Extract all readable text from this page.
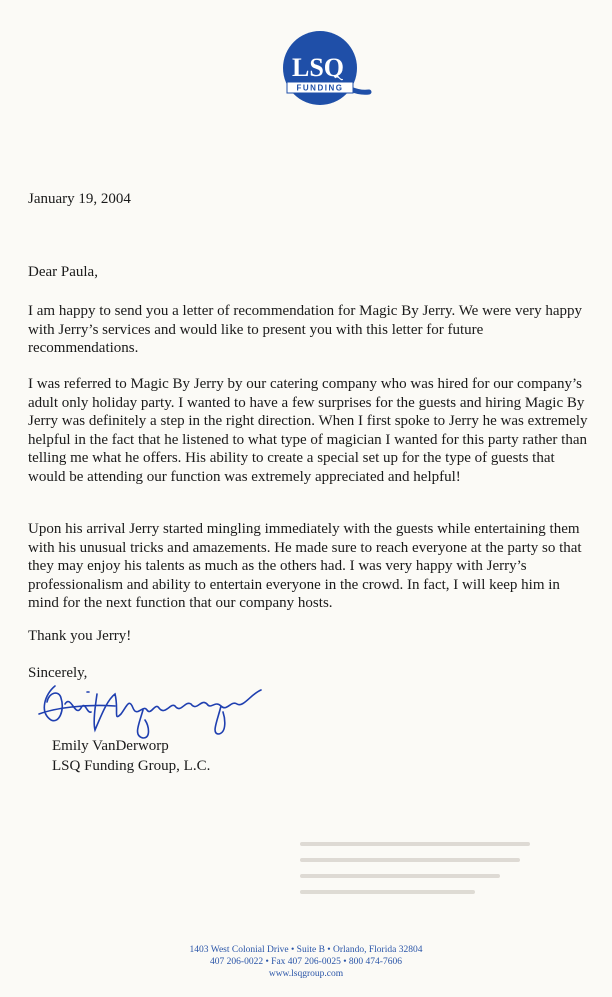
LSQ
FUNDING
January 19, 2004
Dear Paula,
I am happy to send you a letter of recommendation for Magic By Jerry. We were very happy with Jerry’s services and would like to present you with this letter for future recommendations.
I was referred to Magic By Jerry by our catering company who was hired for our company’s adult only holiday party. I wanted to have a few surprises for the guests and hiring Magic By Jerry was definitely a step in the right direction. When I first spoke to Jerry he was extremely helpful in the fact that he listened to what type of magician I wanted for this party rather than telling me what he offers. His ability to create a special set up for the type of guests that would be attending our function was extremely appreciated and helpful!
Upon his arrival Jerry started mingling immediately with the guests while entertaining them with his unusual tricks and amazements. He made sure to reach everyone at the party so that they may enjoy his talents as much as the others had. I was very happy with Jerry’s professionalism and ability to entertain everyone in the crowd. In fact, I will keep him in mind for the next function that our company hosts.
Thank you Jerry!
Sincerely,
Emily VanDerworp
LSQ Funding Group, L.C.
1403 West Colonial Drive • Suite B • Orlando, Florida 32804
407 206-0022 • Fax 407 206-0025 • 800 474-7606
www.lsqgroup.com
